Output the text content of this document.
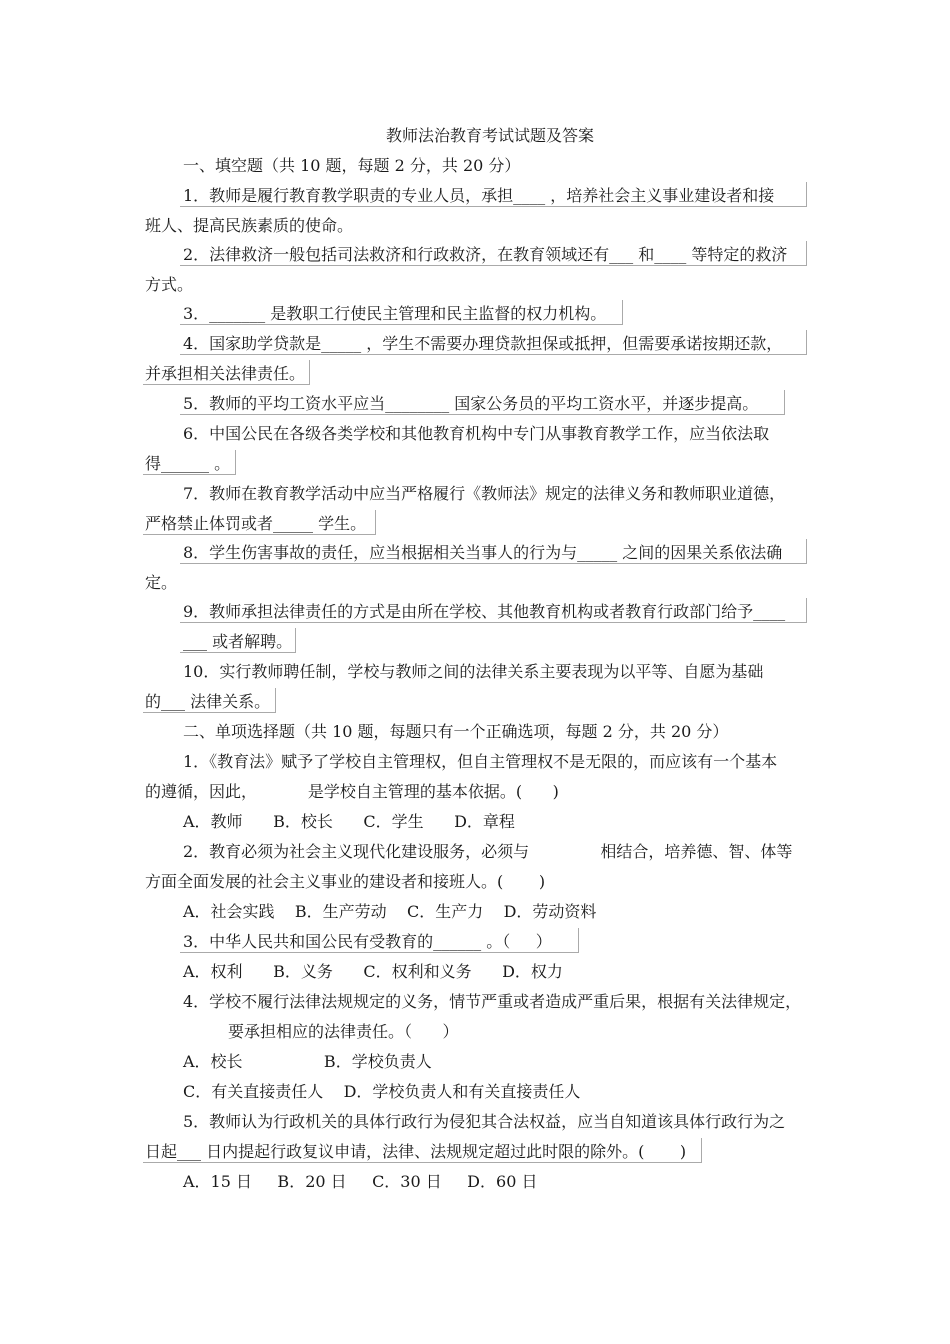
教师法治教育考试试题及答案
一、填空题（共 10 题，每题 2 分，共 20 分）
1．教师是履行教育教学职责的专业人员，承担____ ，培养社会主义事业建设者和接
班人、提高民族素质的使命。
2．法律救济一般包括司法救济和行政救济，在教育领域还有___ 和____ 等特定的救济
方式。
3．_______ 是教职工行使民主管理和民主监督的权力机构。
4．国家助学贷款是_____ ，学生不需要办理贷款担保或抵押，但需要承诺按期还款，
并承担相关法律责任。
5．教师的平均工资水平应当________ 国家公务员的平均工资水平，并逐步提高。
6．中国公民在各级各类学校和其他教育机构中专门从事教育教学工作，应当依法取
得______ 。
7．教师在教育教学活动中应当严格履行《教师法》规定的法律义务和教师职业道德，
严格禁止体罚或者_____ 学生。
8．学生伤害事故的责任，应当根据相关当事人的行为与_____ 之间的因果关系依法确
定。
9．教师承担法律责任的方式是由所在学校、其他教育机构或者教育行政部门给予____
___ 或者解聘。
10．实行教师聘任制，学校与教师之间的法律关系主要表现为以平等、自愿为基础
的___ 法律关系。
二、单项选择题（共 10 题，每题只有一个正确选项，每题 2 分，共 20 分）
1．《教育法》赋予了学校自主管理权，但自主管理权不是无限的，而应该有一个基本
的遵循，因此，          是学校自主管理的基本依据。(      )
A．教师      B．校长      C．学生      D．章程
2．教育必须为社会主义现代化建设服务，必须与              相结合，培养德、智、体等
方面全面发展的社会主义事业的建设者和接班人。(       )
A．社会实践    B．生产劳动    C．生产力    D．劳动资料
3．中华人民共和国公民有受教育的______ 。（     ）
A．权利      B．义务      C．权利和义务      D．权力
4．学校不履行法律法规规定的义务，情节严重或者造成严重后果，根据有关法律规定，
要承担相应的法律责任。（      ）
A．校长                B．学校负责人
C．有关直接责任人    D．学校负责人和有关直接责任人
5．教师认为行政机关的具体行政行为侵犯其合法权益，应当自知道该具体行政行为之
日起___ 日内提起行政复议申请，法律、法规规定超过此时限的除外。(       )
A．15 日     B．20 日     C．30 日     D．60 日
